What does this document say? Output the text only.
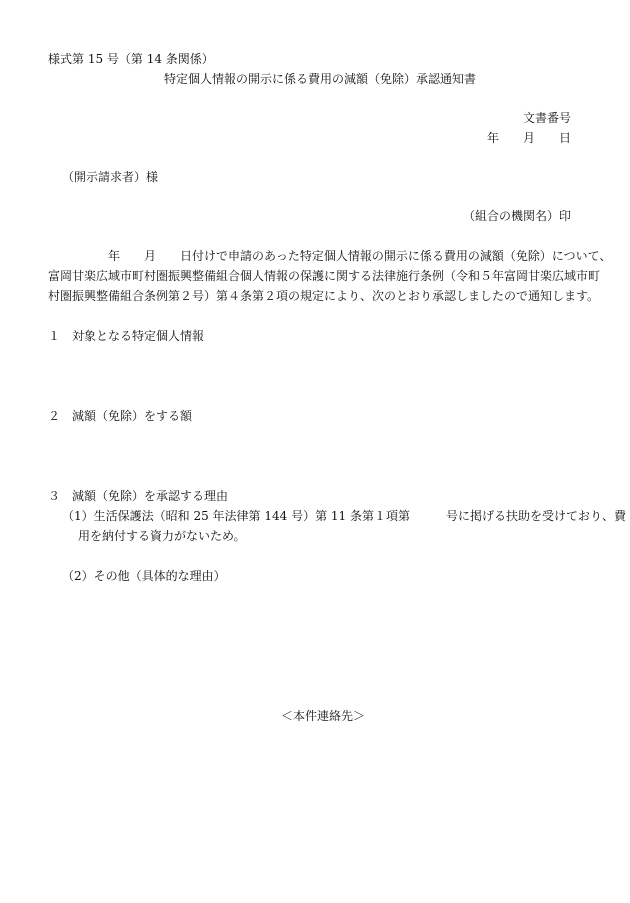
様式第 15 号（第 14 条関係）
特定個人情報の開示に係る費用の減額（免除）承認通知書
文書番号
年　　月　　日
（開示請求者）様
（組合の機関名）印
年　　月　　日付けで申請のあった特定個人情報の開示に係る費用の減額（免除）について、
富岡甘楽広域市町村圏振興整備組合個人情報の保護に関する法律施行条例（令和５年富岡甘楽広域市町
村圏振興整備組合条例第２号）第４条第２項の規定により、次のとおり承認しましたので通知します。
１　対象となる特定個人情報
２　減額（免除）をする額
３　減額（免除）を承認する理由
（1）生活保護法（昭和 25 年法律第 144 号）第 11 条第１項第　　　号に掲げる扶助を受けており、費
用を納付する資力がないため。
（2）その他（具体的な理由）
＜本件連絡先＞
